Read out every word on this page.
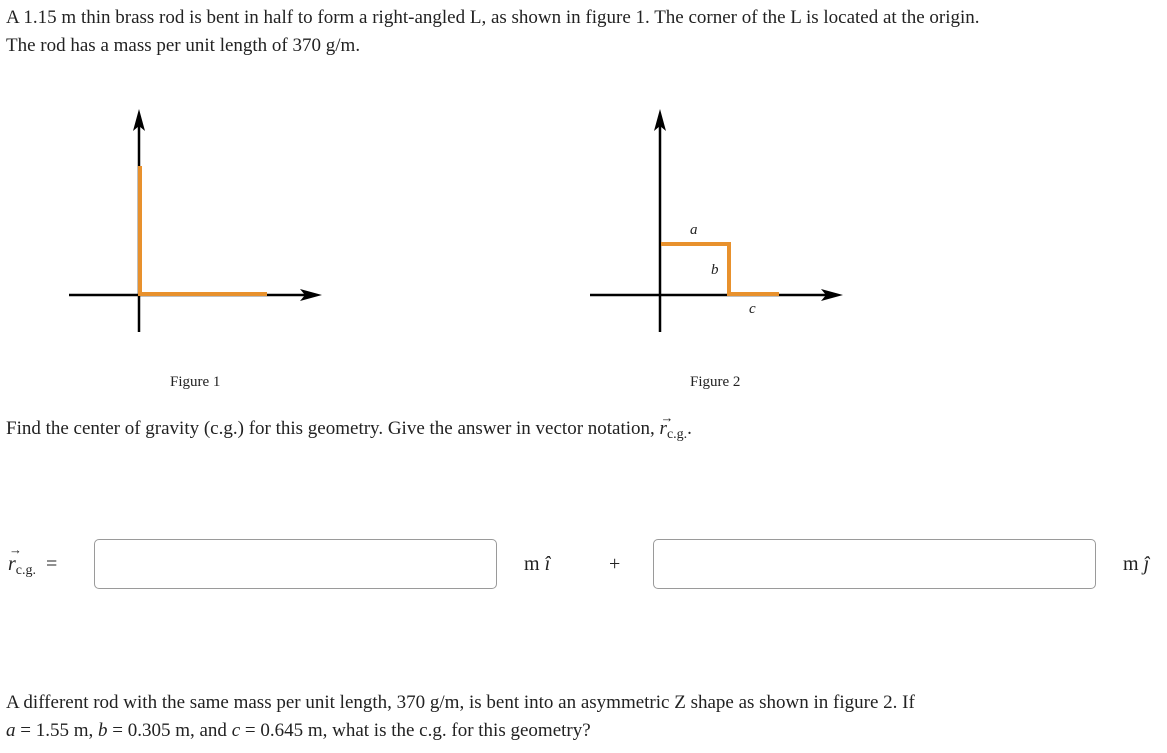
A 1.15 m thin brass rod is bent in half to form a right-angled L, as shown in figure 1. The corner of the L is located at the origin.
The rod has a mass per unit length of 370 g/m.
Figure 1
a
b
c
Figure 2
Find the center of gravity (c.g.) for this geometry. Give the answer in vector notation,
→
$r_{c.g.}$.
→
$r_{c.g.}$ =	m î	+	m ĵ
A different rod with the same mass per unit length, 370 g/m, is bent into an asymmetric Z shape as shown in figure 2. If
a = 1.55 m, b = 0.305 m, and c = 0.645 m, what is the c.g. for this geometry?
